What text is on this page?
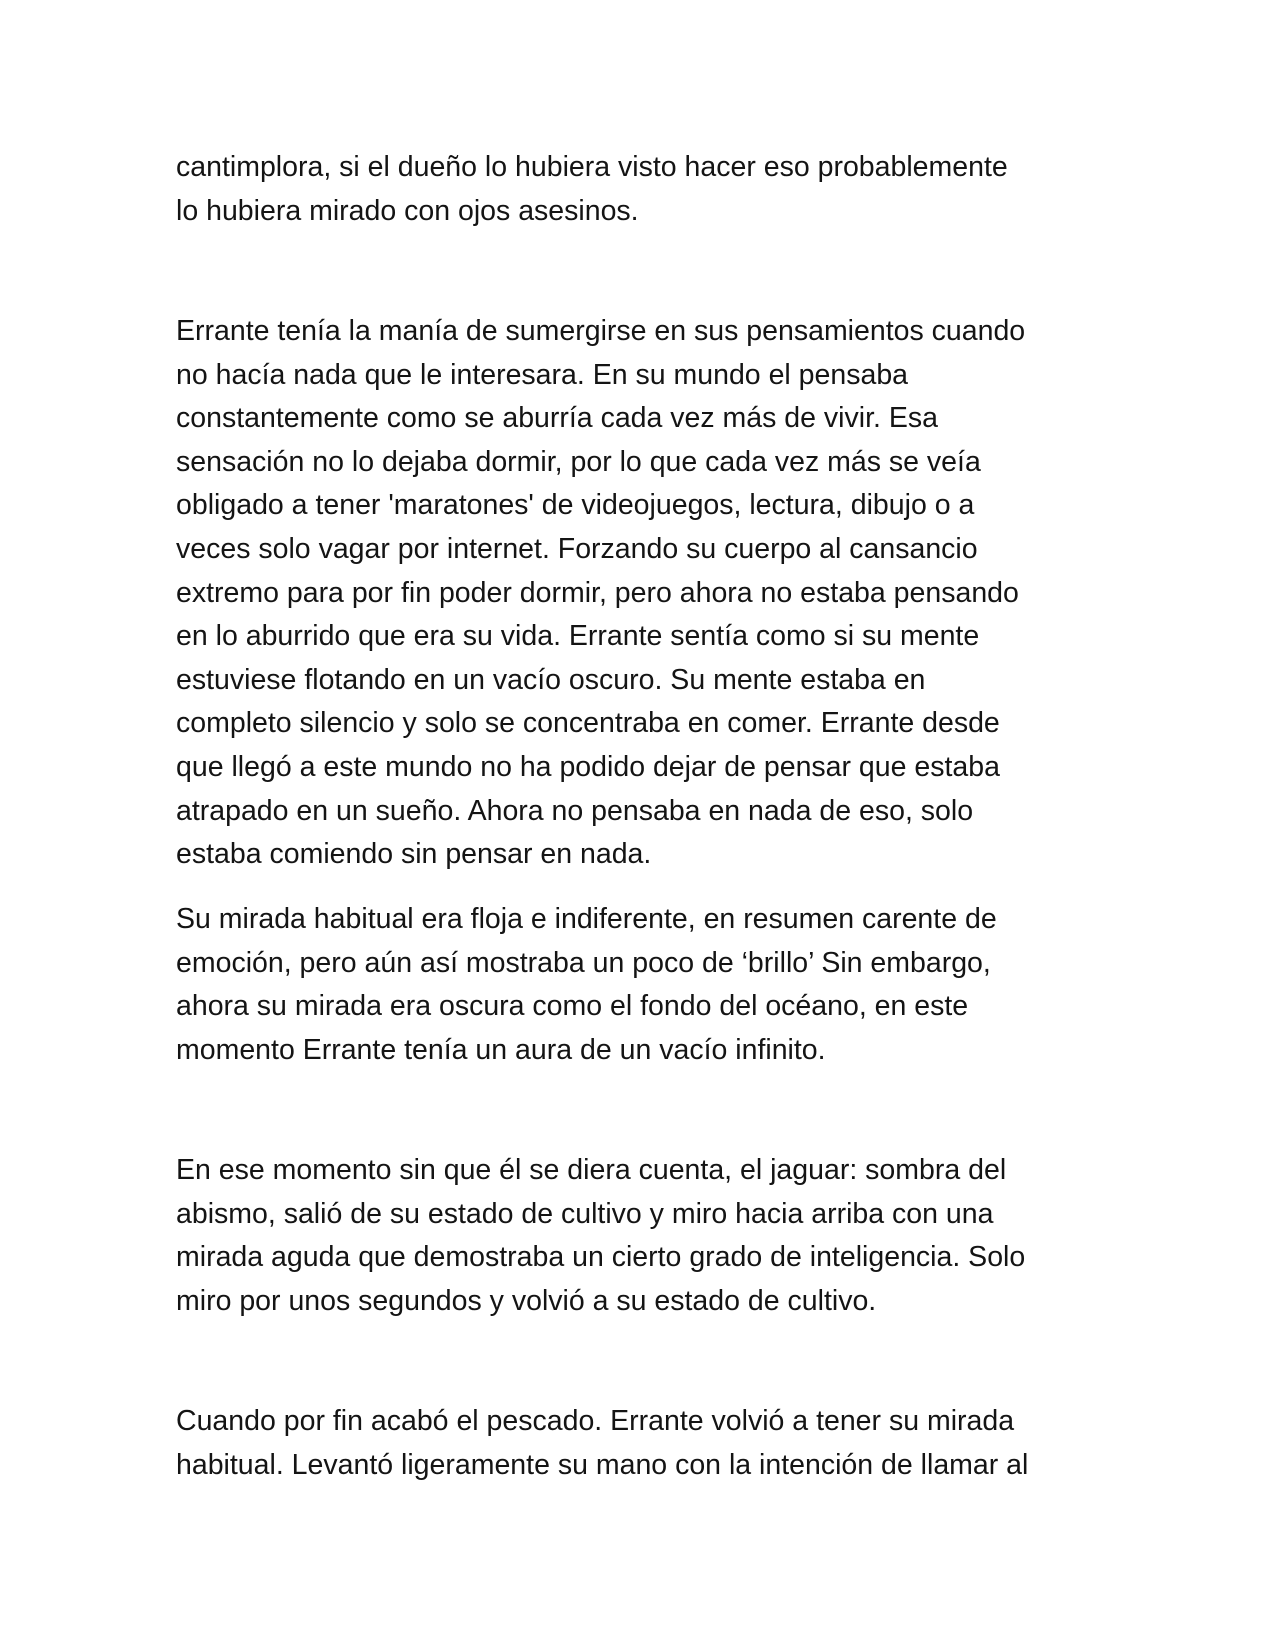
cantimplora, si el dueño lo hubiera visto hacer eso probablemente
lo hubiera mirado con ojos asesinos.
Errante tenía la manía de sumergirse en sus pensamientos cuando
no hacía nada que le interesara. En su mundo el pensaba
constantemente como se aburría cada vez más de vivir. Esa
sensación no lo dejaba dormir, por lo que cada vez más se veía
obligado a tener 'maratones' de videojuegos, lectura, dibujo o a
veces solo vagar por internet. Forzando su cuerpo al cansancio
extremo para por fin poder dormir, pero ahora no estaba pensando
en lo aburrido que era su vida. Errante sentía como si su mente
estuviese flotando en un vacío oscuro. Su mente estaba en
completo silencio y solo se concentraba en comer. Errante desde
que llegó a este mundo no ha podido dejar de pensar que estaba
atrapado en un sueño. Ahora no pensaba en nada de eso, solo
estaba comiendo sin pensar en nada.
Su mirada habitual era floja e indiferente, en resumen carente de
emoción, pero aún así mostraba un poco de ‘brillo’ Sin embargo,
ahora su mirada era oscura como el fondo del océano, en este
momento Errante tenía un aura de un vacío infinito.
En ese momento sin que él se diera cuenta, el jaguar: sombra del
abismo, salió de su estado de cultivo y miro hacia arriba con una
mirada aguda que demostraba un cierto grado de inteligencia. Solo
miro por unos segundos y volvió a su estado de cultivo.
Cuando por fin acabó el pescado. Errante volvió a tener su mirada
habitual. Levantó ligeramente su mano con la intención de llamar al
